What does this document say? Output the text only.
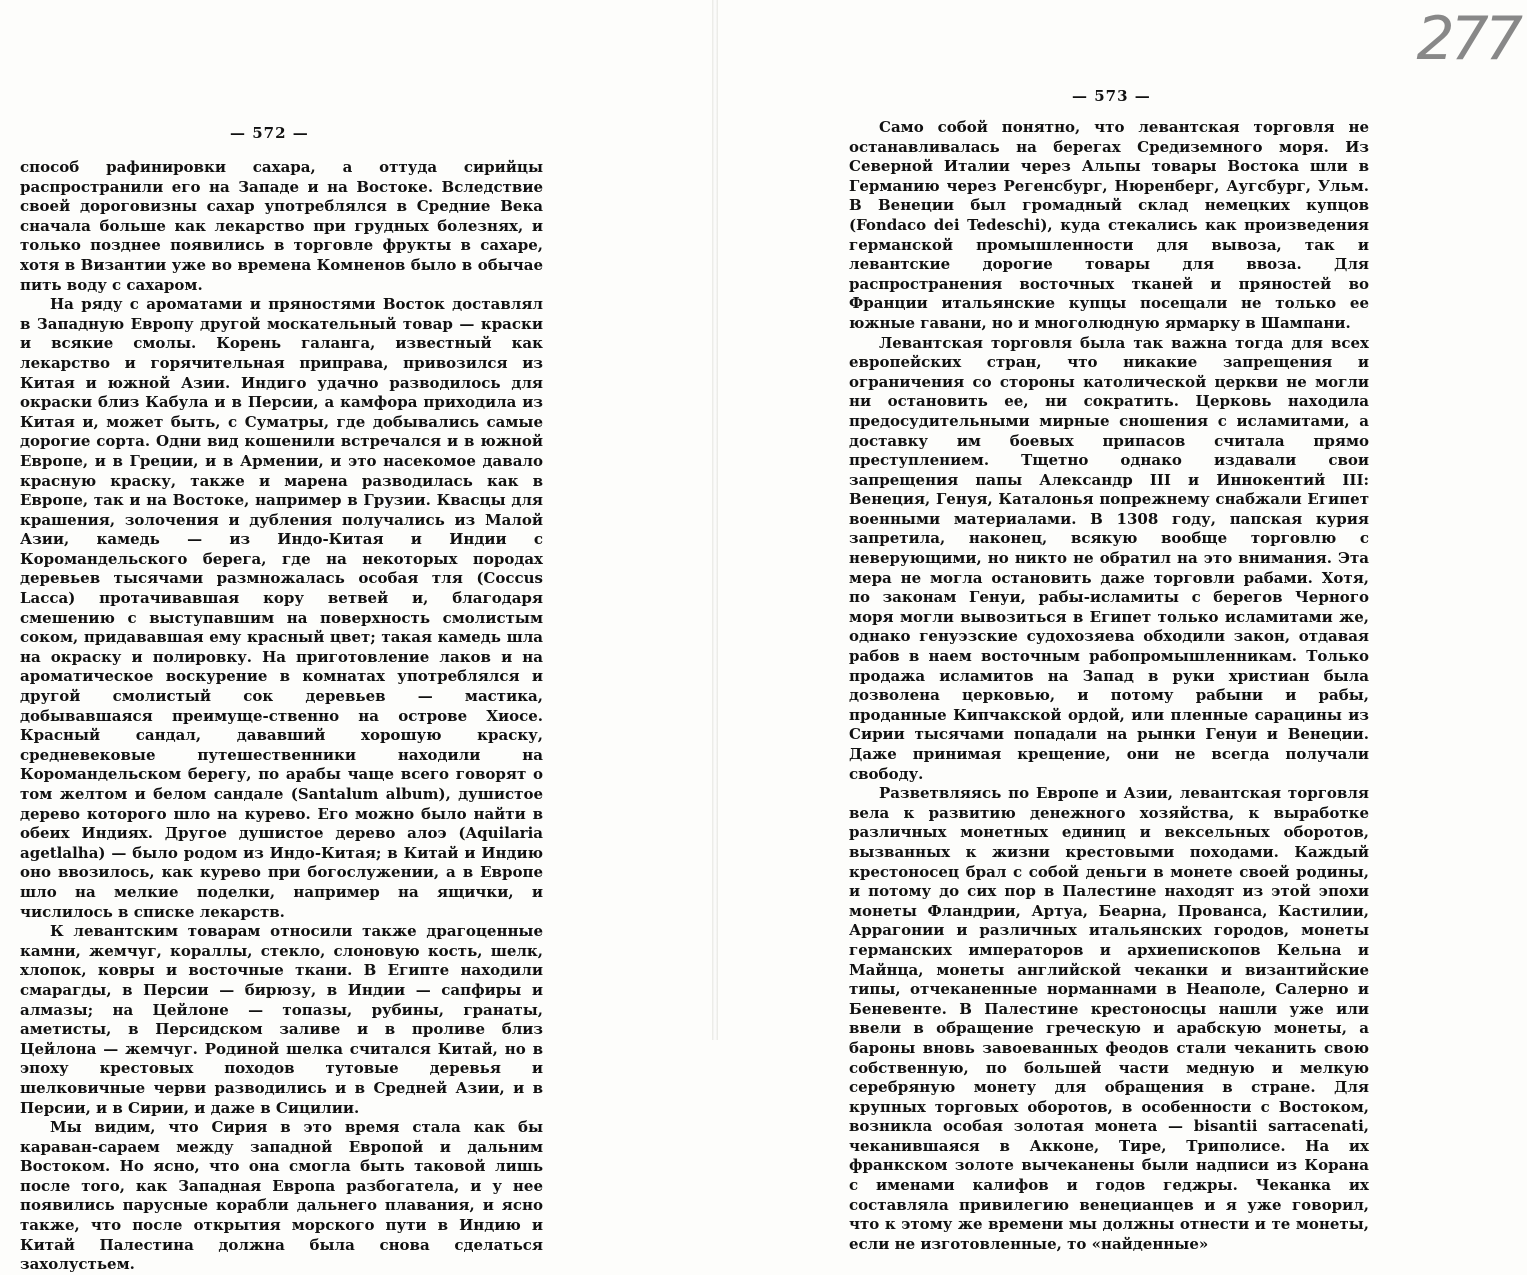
— 572 —

способ рафинировки сахара, а оттуда сирийцы распространили его на Западе и на Востоке. Вследствие своей дороговизны сахар употреблялся в Средние Века сначала больше как лекарство при грудных болезнях, и только позднее появились в торговле фрукты в сахаре, хотя в Византии уже во времена Комненов было в обычае пить воду с сахаром.

На ряду с ароматами и пряностями Восток доставлял в Западную Европу другой москательный товар — краски и всякие смолы. Корень галанга, известный как лекарство и горячительная приправа, привозился из Китая и южной Азии. Индиго удачно разводилось для окраски близ Кабула и в Персии, а камфора приходила из Китая и, может быть, с Суматры, где добывались самые дорогие сорта. Одни вид кошенили встречался и в южной Европе, и в Греции, и в Армении, и это насекомое давало красную краску, также и марена разводилась как в Европе, так и на Востоке, например в Грузии. Квасцы для крашения, золочения и дубления получались из Малой Азии, камедь — из Индо-Китая и Индии с Коромандельского берега, где на некоторых породах деревьев тысячами размножалась особая тля (Coccus Lacca) протачивавшая кору ветвей и, благодаря смешению с выступавшим на поверхность смолистым соком, придававшая ему красный цвет; такая камедь шла на окраску и полировку. На приготовление лаков и на ароматическое воскурение в комнатах употреблялся и другой смолистый сок деревьев — мастика, добывавшаяся преимуще-ственно на острове Хиосе. Красный сандал, дававший хорошую краску, средневековые путешественники находили на Коромандельском берегу, по арабы чаще всего говорят о том желтом и белом сандале (Santalum album), душистое дерево которого шло на курево. Его можно было найти в обеих Индиях. Другое душистое дерево алоэ (Aquilaria agetlalha) — было родом из Индо-Китая; в Китай и Индию оно ввозилось, как курево при богослужении, а в Европе шло на мелкие поделки, например на ящички, и числилось в списке лекарств.

К левантским товарам относили также драгоценные камни, жемчуг, кораллы, стекло, слоновую кость, шелк, хлопок, ковры и восточные ткани. В Египте находили смарагды, в Персии — бирюзу, в Индии — сапфиры и алмазы; на Цейлоне — топазы, рубины, гранаты, аметисты, в Персидском заливе и в проливе близ Цейлона — жемчуг. Родиной шелка считался Китай, но в эпоху крестовых походов тутовые деревья и шелковичные черви разводились и в Средней Азии, и в Персии, и в Сирии, и даже в Сицилии.

Мы видим, что Сирия в это время стала как бы караван-сараем между западной Европой и дальним Востоком. Но ясно, что она смогла быть таковой лишь после того, как Западная Европа разбогатела, и у нее появились парусные корабли дальнего плавания, и ясно также, что после открытия морского пути в Индию и Китай Палестина должна была снова сделаться захолустьем.

277
— 573 —

Само собой понятно, что левантская торговля не останавливалась на берегах Средиземного моря. Из Северной Италии через Альпы товары Востока шли в Германию через Регенсбург, Нюренберг, Аугсбург, Ульм. В Венеции был громадный склад немецких купцов (Fondaco dei Tedeschi), куда стекались как произведения германской промышленности для вывоза, так и левантские дорогие товары для ввоза. Для распространения восточных тканей и пряностей во Франции итальянские купцы посещали не только ее южные гавани, но и многолюдную ярмарку в Шампани.

Левантская торговля была так важна тогда для всех европейских стран, что никакие запрещения и ограничения со стороны католической церкви не могли ни остановить ее, ни сократить. Церковь находила предосудительными мирные сношения с исламитами, а доставку им боевых припасов считала прямо преступлением. Тщетно однако издавали свои запрещения папы Александр III и Иннокентий III: Венеция, Генуя, Каталонья попрежнему снабжали Египет военными материалами. В 1308 году, папская курия запретила, наконец, всякую вообще торговлю с неверующими, но никто не обратил на это внимания. Эта мера не могла остановить даже торговли рабами. Хотя, по законам Генуи, рабы-исламиты с берегов Черного моря могли вывозиться в Египет только исламитами же, однако генуэзские судохозяева обходили закон, отдавая рабов в наем восточным рабопромышленникам. Только продажа исламитов на Запад в руки христиан была дозволена церковью, и потому рабыни и рабы, проданные Кипчакской ордой, или пленные сарацины из Сирии тысячами попадали на рынки Генуи и Венеции. Даже принимая крещение, они не всегда получали свободу.

Разветвляясь по Европе и Азии, левантская торговля вела к развитию денежного хозяйства, к выработке различных монетных единиц и вексельных оборотов, вызванных к жизни крестовыми походами. Каждый крестоносец брал с собой деньги в монете своей родины, и потому до сих пор в Палестине находят из этой эпохи монеты Фландрии, Артуа, Беарна, Прованса, Кастилии, Аррагонии и различных итальянских городов, монеты германских императоров и архиепископов Кельна и Майнца, монеты английской чеканки и византийские типы, отчеканенные норманнами в Неаполе, Салерно и Беневенте. В Палестине крестоносцы нашли уже или ввели в обращение греческую и арабскую монеты, а бароны вновь завоеванных феодов стали чеканить свою собственную, по большей части медную и мелкую серебряную монету для обращения в стране. Для крупных торговых оборотов, в особенности с Востоком, возникла особая золотая монета — bisantii sarracenati, чеканившаяся в Акконе, Тире, Триполисе. На их франкском золоте вычеканены были надписи из Корана с именами калифов и годов геджры. Чеканка их составляла привилегию венецианцев и я уже говорил, что к этому же времени мы должны отнести и те монеты, если не изготовленные, то «найденные»
